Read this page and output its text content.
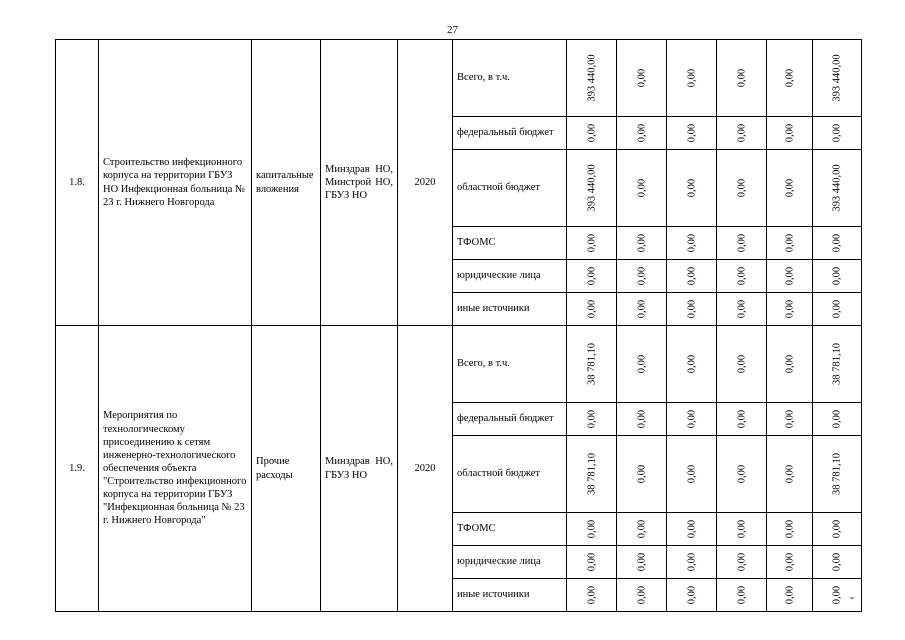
27
1.8.	Строительство инфекционного корпуса на территории ГБУЗ НО Инфекционная больница № 23 г. Нижнего Новгорода	капитальные вложения	Минздрав НО, Минстрой НО, ГБУЗ НО	2020	Всего, в т.ч.	393 440,00	0,00	0,00	0,00	0,00	393 440,00

					федеральный бюджет	0,00	0,00	0,00	0,00	0,00	0,00

					областной бюджет	393 440,00	0,00	0,00	0,00	0,00	393 440,00

					ТФОМС	0,00	0,00	0,00	0,00	0,00	0,00

					юридические лица	0,00	0,00	0,00	0,00	0,00	0,00

					иные источники	0,00	0,00	0,00	0,00	0,00	0,00

1.9.	Мероприятия по технологическому присоединению к сетям инженерно-технологического обеспечения объекта "Строительство инфекционного корпуса на территории ГБУЗ "Инфекционная больница № 23 г. Нижнего Новгорода"	Прочие расходы	Минздрав НО, ГБУЗ НО	2020	Всего, в т.ч.	38 781,10	0,00	0,00	0,00	0,00	38 781,10

					федеральный бюджет	0,00	0,00	0,00	0,00	0,00	0,00

					областной бюджет	38 781,10	0,00	0,00	0,00	0,00	38 781,10

					ТФОМС	0,00	0,00	0,00	0,00	0,00	0,00

					юридические лица	0,00	0,00	0,00	0,00	0,00	0,00

					иные источники	0,00	0,00	0,00	0,00	0,00	0,00 "
